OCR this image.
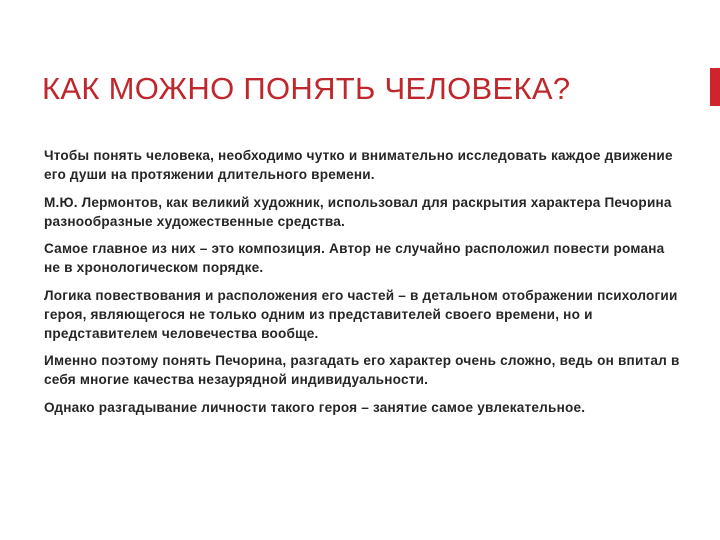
КАК МОЖНО ПОНЯТЬ ЧЕЛОВЕКА?

Чтобы понять человека, необходимо чутко и внимательно исследовать каждое движение его души на протяжении длительного времени.

М.Ю. Лермонтов, как великий художник, использовал для раскрытия характера Печорина разнообразные художественные средства.

Самое главное из них – это композиция. Автор не случайно расположил повести романа не в хронологическом порядке.

Логика повествования и расположения его частей – в детальном отображении психологии героя, являющегося не только одним из представителей своего времени, но и представителем человечества вообще.

Именно поэтому понять Печорина, разгадать его характер очень сложно, ведь он впитал в себя многие качества незаурядной индивидуальности.

Однако разгадывание личности такого героя – занятие самое увлекательное.
